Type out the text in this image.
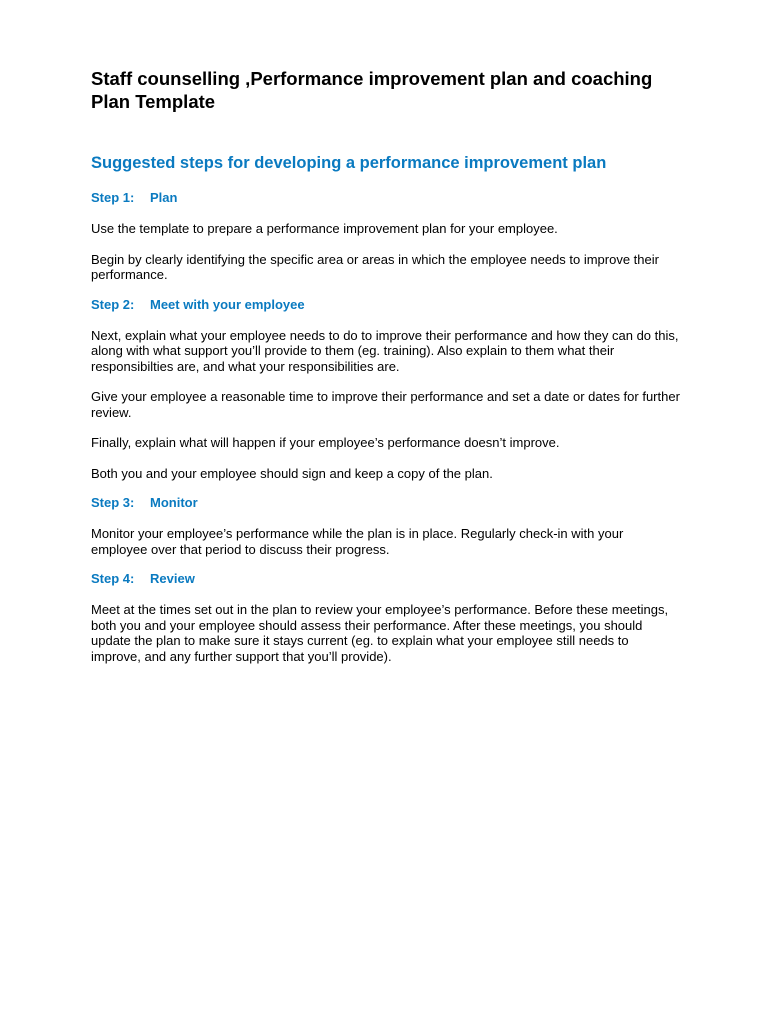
Staff counselling ,Performance improvement plan and coaching Plan Template
Suggested steps for developing a performance improvement plan
Step 1: Plan

Use the template to prepare a performance improvement plan for your employee.

Begin by clearly identifying the specific area or areas in which the employee needs to improve their performance.

Step 2: Meet with your employee

Next, explain what your employee needs to do to improve their performance and how they can do this, along with what support you’ll provide to them (eg. training). Also explain to them what their responsibilties are, and what your responsibilities are.

Give your employee a reasonable time to improve their performance and set a date or dates for further review.

Finally, explain what will happen if your employee’s performance doesn’t improve.

Both you and your employee should sign and keep a copy of the plan.

Step 3: Monitor

Monitor your employee’s performance while the plan is in place. Regularly check-in with your employee over that period to discuss their progress.

Step 4: Review

Meet at the times set out in the plan to review your employee’s performance. Before these meetings, both you and your employee should assess their performance. After these meetings, you should update the plan to make sure it stays current (eg. to explain what your employee still needs to improve, and any further support that you’ll provide).
